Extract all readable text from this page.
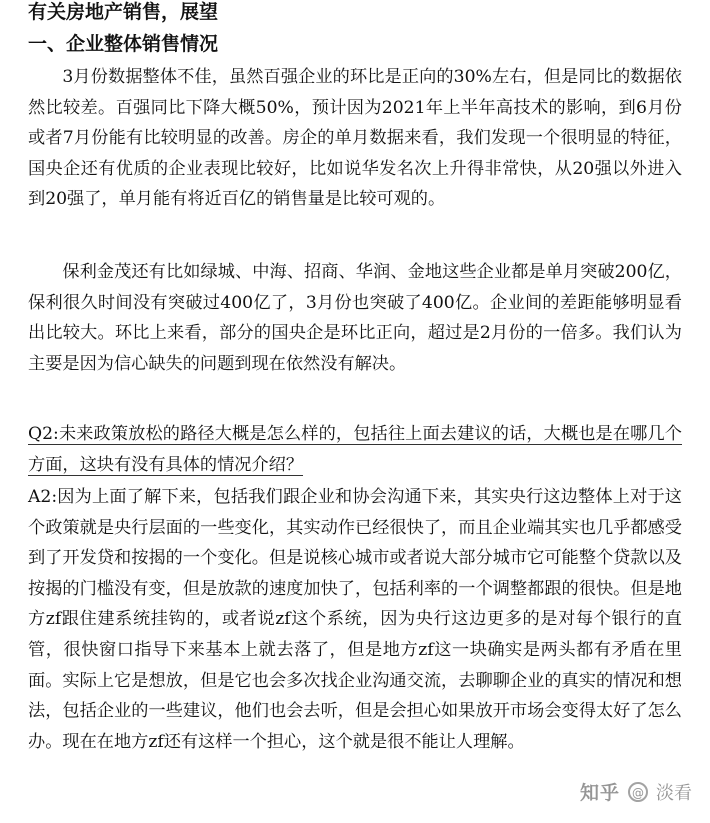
有关房地产销售，展望
一、企业整体销售情况

3月份数据整体不佳，虽然百强企业的环比是正向的30%左右，但是同比的数据依然比较差。百强同比下降大概50%，预计因为2021年上半年高技术的影响，到6月份或者7月份能有比较明显的改善。房企的单月数据来看，我们发现一个很明显的特征，国央企还有优质的企业表现比较好，比如说华发名次上升得非常快，从20强以外进入到20强了，单月能有将近百亿的销售量是比较可观的。

保利金茂还有比如绿城、中海、招商、华润、金地这些企业都是单月突破200亿，保利很久时间没有突破过400亿了，3月份也突破了400亿。企业间的差距能够明显看出比较大。环比上来看，部分的国央企是环比正向，超过是2月份的一倍多。我们认为主要是因为信心缺失的问题到现在依然没有解决。

Q2:未来政策放松的路径大概是怎么样的，包括往上面去建议的话，大概也是在哪几个方面，这块有没有具体的情况介绍？

A2:因为上面了解下来，包括我们跟企业和协会沟通下来，其实央行这边整体上对于这个政策就是央行层面的一些变化，其实动作已经很快了，而且企业端其实也几乎都感受到了开发贷和按揭的一个变化。但是说核心城市或者说大部分城市它可能整个贷款以及按揭的门槛没有变，但是放款的速度加快了，包括利率的一个调整都跟的很快。但是地方zf跟住建系统挂钩的，或者说zf这个系统，因为央行这边更多的是对每个银行的直管，很快窗口指导下来基本上就去落了，但是地方zf这一块确实是两头都有矛盾在里面。实际上它是想放，但是它也会多次找企业沟通交流，去聊聊企业的真实的情况和想法，包括企业的一些建议，他们也会去听，但是会担心如果放开市场会变得太好了怎么办。现在在地方zf还有这样一个担心，这个就是很不能让人理解。

知乎	@ 淡看
